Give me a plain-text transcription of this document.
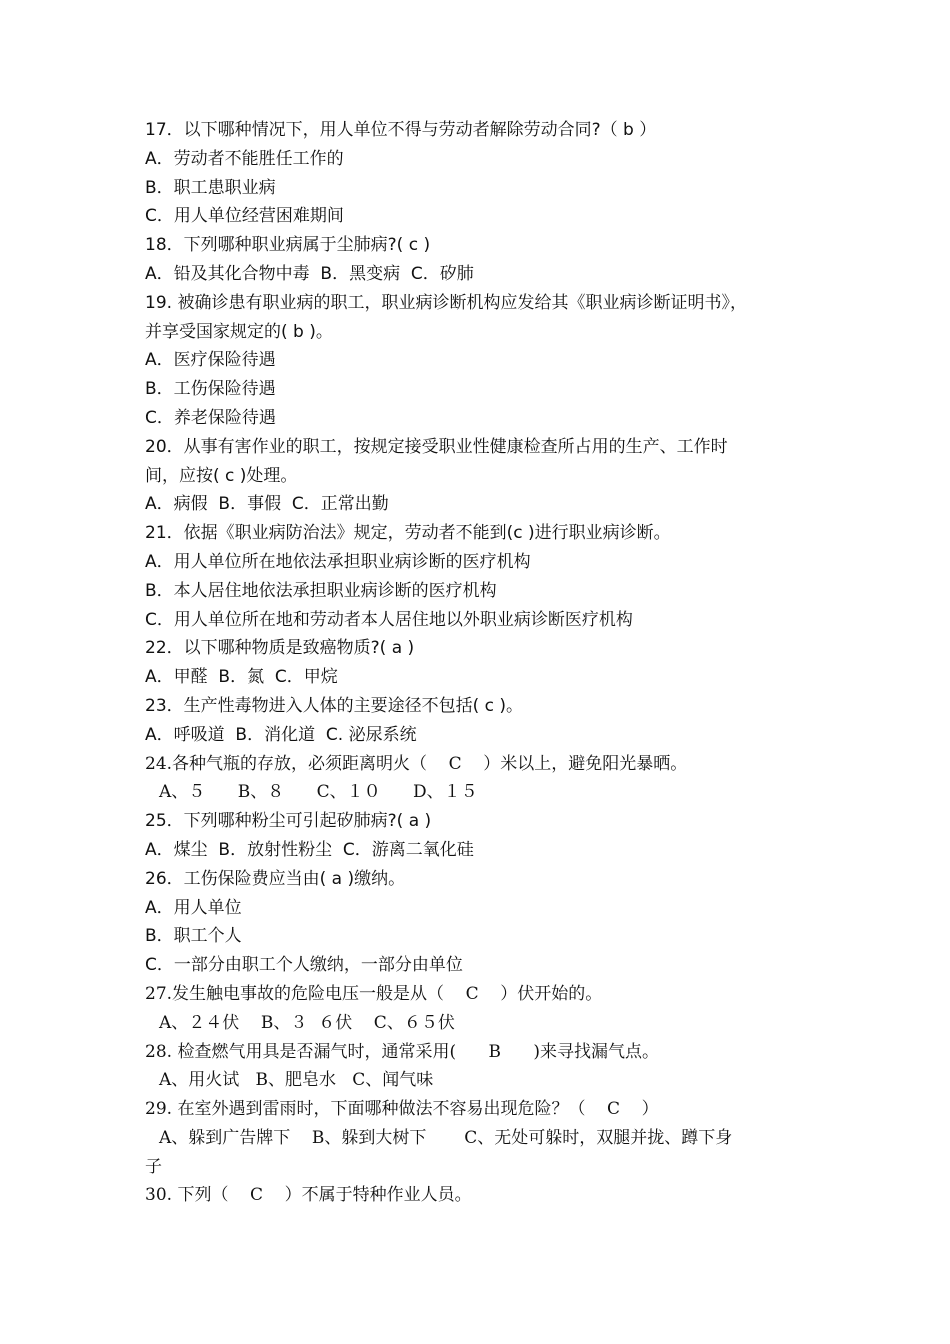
17．以下哪种情况下，用人单位不得与劳动者解除劳动合同?（ b ）
A．劳动者不能胜任工作的
B．职工患职业病
C．用人单位经营困难期间
18．下列哪种职业病属于尘肺病?( c )
A．铅及其化合物中毒  B．黑变病  C．矽肺
19. 被确诊患有职业病的职工，职业病诊断机构应发给其《职业病诊断证明书》，
并享受国家规定的( b )。
A．医疗保险待遇
B．工伤保险待遇
C．养老保险待遇
20．从事有害作业的职工，按规定接受职业性健康检查所占用的生产、工作时
间，应按( c )处理。
A．病假  B．事假  C．正常出勤
21．依据《职业病防治法》规定，劳动者不能到(c )进行职业病诊断。
A．用人单位所在地依法承担职业病诊断的医疗机构
B．本人居住地依法承担职业病诊断的医疗机构
C．用人单位所在地和劳动者本人居住地以外职业病诊断医疗机构
22．以下哪种物质是致癌物质?( a )
A．甲醛  B．氮  C．甲烷
23．生产性毒物进入人体的主要途径不包括( c )。
A．呼吸道  B．消化道  C. 泌尿系统
24.各种气瓶的存放，必须距离明火（    C    ）米以上，避免阳光暴晒。
A、５      B、８      C、１０      D、１５
25．下列哪种粉尘可引起矽肺病?( a )
A．煤尘  B．放射性粉尘  C．游离二氧化硅
26．工伤保险费应当由( a )缴纳。
A．用人单位
B．职工个人
C．一部分由职工个人缴纳，一部分由单位
27.发生触电事故的危险电压一般是从（    C    ）伏开始的。
A、２４伏    B、３  ６伏    C、６５伏
28. 检查燃气用具是否漏气时，通常采用(      B      )来寻找漏气点。
A、用火试   B、肥皂水   C、闻气味
29. 在室外遇到雷雨时，下面哪种做法不容易出现危险？（    C    ）
A、躲到广告牌下    B、躲到大树下       C、无处可躲时，双腿并拢、蹲下身
子
30. 下列（    C    ）不属于特种作业人员。
